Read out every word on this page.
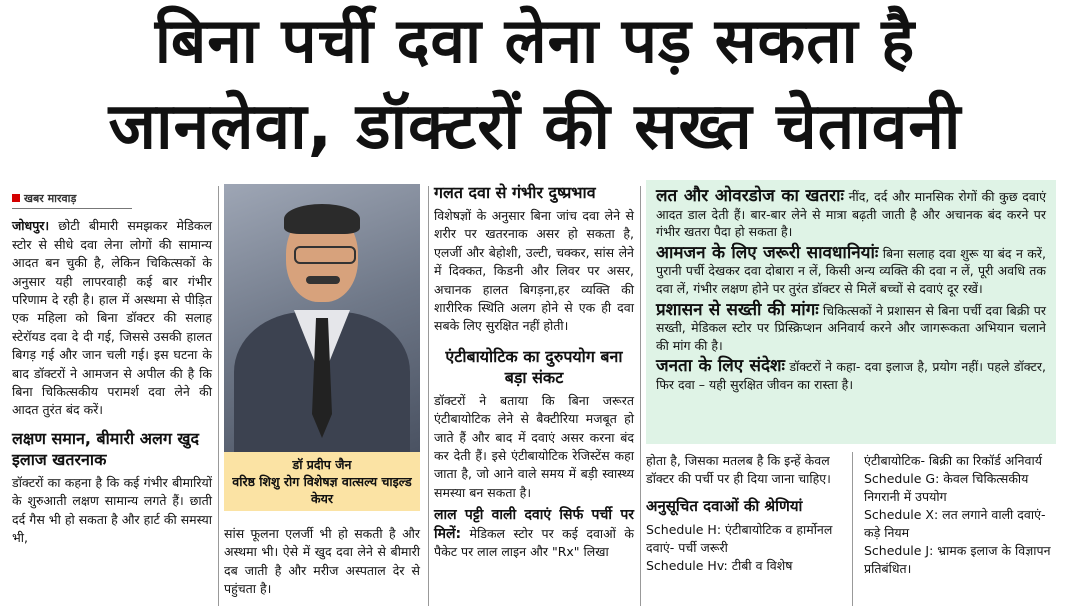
बिना पर्ची दवा लेना पड़ सकता है
जानलेवा, डॉक्टरों की सख्त चेतावनी
खबर मारवाड़

जोधपुर। छोटी बीमारी समझकर मेडिकल स्टोर से सीधे दवा लेना लोगों की सामान्य आदत बन चुकी है, लेकिन चिकित्सकों के अनुसार यही लापरवाही कई बार गंभीर परिणाम दे रही है। हाल में अस्थमा से पीड़ित एक महिला को बिना डॉक्टर की सलाह स्टेरॉयड दवा दे दी गई, जिससे उसकी हालत बिगड़ गई और जान चली गई। इस घटना के बाद डॉक्टरों ने आमजन से अपील की है कि बिना चिकित्सकीय परामर्श दवा लेने की आदत तुरंत बंद करें।

लक्षण समान, बीमारी अलग खुद इलाज खतरनाक

डॉक्टरों का कहना है कि कई गंभीर बीमारियों के शुरुआती लक्षण सामान्य लगते हैं। छाती दर्द गैस भी हो सकता है और हार्ट की समस्या भी,

डॉ प्रदीप जैन
वरिष्ठ शिशु रोग विशेषज्ञ वात्सल्य चाइल्ड केयर

सांस फूलना एलर्जी भी हो सकती है और अस्थमा भी। ऐसे में खुद दवा लेने से बीमारी दब जाती है और मरीज अस्पताल देर से पहुंचता है।

गलत दवा से गंभीर दुष्प्रभाव

विशेषज्ञों के अनुसार बिना जांच दवा लेने से शरीर पर खतरनाक असर हो सकता है, एलर्जी और बेहोशी, उल्टी, चक्कर, सांस लेने में दिक्कत, किडनी और लिवर पर असर, अचानक हालत बिगड़ना,हर व्यक्ति की शारीरिक स्थिति अलग होने से एक ही दवा सबके लिए सुरक्षित नहीं होती।

एंटीबायोटिक का दुरुपयोग बना बड़ा संकट

डॉक्टरों ने बताया कि बिना जरूरत एंटीबायोटिक लेने से बैक्टीरिया मजबूत हो जाते हैं और बाद में दवाएं असर करना बंद कर देती हैं। इसे एंटीबायोटिक रेजिस्टेंस कहा जाता है, जो आने वाले समय में बड़ी स्वास्थ्य समस्या बन सकता है।

लाल पट्टी वाली दवाएं सिर्फ पर्ची पर मिलें: मेडिकल स्टोर पर कई दवाओं के पैकेट पर लाल लाइन और "Rx" लिखा

लत और ओवरडोज का खतराः नींद, दर्द और मानसिक रोगों की कुछ दवाएं आदत डाल देती हैं। बार-बार लेने से मात्रा बढ़ती जाती है और अचानक बंद करने पर गंभीर खतरा पैदा हो सकता है।

आमजन के लिए जरूरी सावधानियांः बिना सलाह दवा शुरू या बंद न करें, पुरानी पर्ची देखकर दवा दोबारा न लें, किसी अन्य व्यक्ति की दवा न लें, पूरी अवधि तक दवा लें, गंभीर लक्षण होने पर तुरंत डॉक्टर से मिलें बच्चों से दवाएं दूर रखें।

प्रशासन से सख्ती की मांगः चिकित्सकों ने प्रशासन से बिना पर्ची दवा बिक्री पर सख्ती, मेडिकल स्टोर पर प्रिस्क्रिप्शन अनिवार्य करने और जागरूकता अभियान चलाने की मांग की है।

जनता के लिए संदेशः डॉक्टरों ने कहा- दवा इलाज है, प्रयोग नहीं। पहले डॉक्टर, फिर दवा – यही सुरक्षित जीवन का रास्ता है।

होता है, जिसका मतलब है कि इन्हें केवल डॉक्टर की पर्ची पर ही दिया जाना चाहिए।

अनुसूचित दवाओं की श्रेणियां

Schedule H: एंटीबायोटिक व हार्मोनल दवाएं- पर्ची जरूरी

Schedule Hv: टीबी व विशेष

एंटीबायोटिक- बिक्री का रिकॉर्ड अनिवार्य

Schedule G: केवल चिकित्सकीय निगरानी में उपयोग

Schedule X: लत लगाने वाली दवाएं- कड़े नियम

Schedule J: भ्रामक इलाज के विज्ञापन प्रतिबंधित।
